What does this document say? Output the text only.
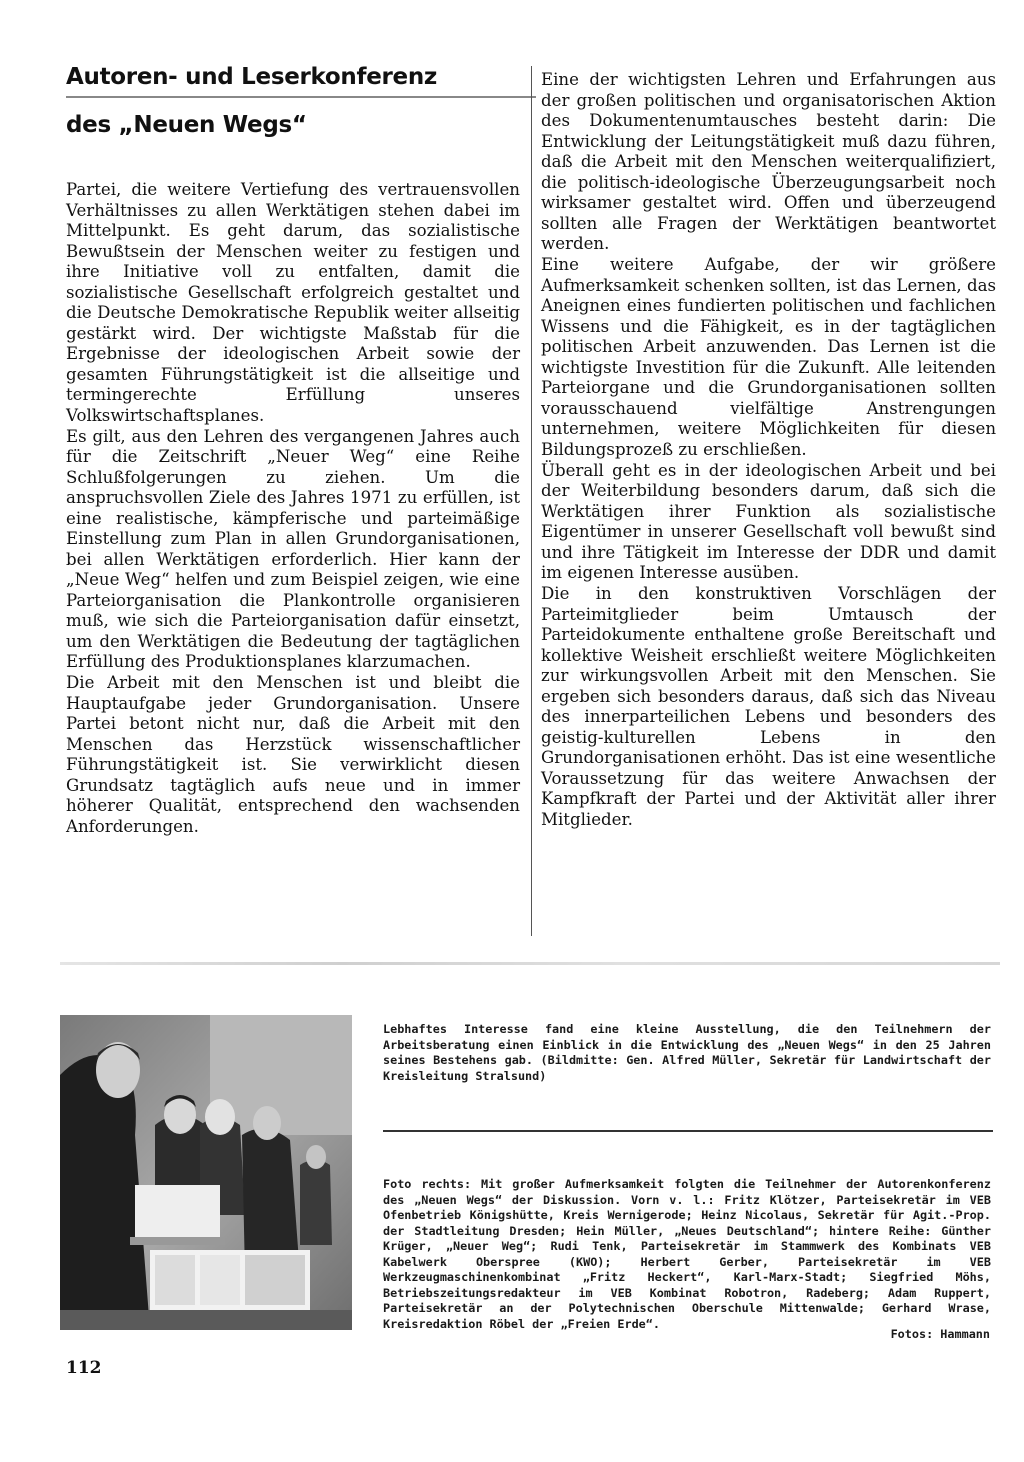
Autoren- und Leserkonferenz
des „Neuen Wegs“

Partei, die weitere Vertiefung des vertrauensvollen Verhältnisses zu allen Werktätigen stehen dabei im Mittelpunkt. Es geht darum, das sozialistische Bewußtsein der Menschen weiter zu festigen und ihre Initiative voll zu entfalten, damit die sozialistische Gesellschaft erfolgreich gestaltet und die Deutsche Demokratische Republik weiter allseitig gestärkt wird. Der wichtigste Maßstab für die Ergebnisse der ideologischen Arbeit sowie der gesamten Führungstätigkeit ist die allseitige und termingerechte Erfüllung unseres Volkswirtschaftsplanes.

Es gilt, aus den Lehren des vergangenen Jahres auch für die Zeitschrift „Neuer Weg“ eine Reihe Schlußfolgerungen zu ziehen. Um die anspruchsvollen Ziele des Jahres 1971 zu erfüllen, ist eine realistische, kämpferische und parteimäßige Einstellung zum Plan in allen Grundorganisationen, bei allen Werktätigen erforderlich. Hier kann der „Neue Weg“ helfen und zum Beispiel zeigen, wie eine Parteiorganisation die Plankontrolle organisieren muß, wie sich die Parteiorganisation dafür einsetzt, um den Werktätigen die Bedeutung der tagtäglichen Erfüllung des Produktionsplanes klarzumachen.

Die Arbeit mit den Menschen ist und bleibt die Hauptaufgabe jeder Grundorganisation. Unsere Partei betont nicht nur, daß die Arbeit mit den Menschen das Herzstück wissenschaftlicher Führungstätigkeit ist. Sie verwirklicht diesen Grundsatz tagtäglich aufs neue und in immer höherer Qualität, entsprechend den wachsenden Anforderungen.

Eine der wichtigsten Lehren und Erfahrungen aus der großen politischen und organisatorischen Aktion des Dokumentenumtausches besteht darin: Die Entwicklung der Leitungstätigkeit muß dazu führen, daß die Arbeit mit den Menschen weiterqualifiziert, die politisch-ideologische Überzeugungsarbeit noch wirksamer gestaltet wird. Offen und überzeugend sollten alle Fragen der Werktätigen beantwortet werden.

Eine weitere Aufgabe, der wir größere Aufmerksamkeit schenken sollten, ist das Lernen, das Aneignen eines fundierten politischen und fachlichen Wissens und die Fähigkeit, es in der tagtäglichen politischen Arbeit anzuwenden. Das Lernen ist die wichtigste Investition für die Zukunft. Alle leitenden Parteiorgane und die Grundorganisationen sollten vorausschauend vielfältige Anstrengungen unternehmen, weitere Möglichkeiten für diesen Bildungsprozeß zu erschließen.

Überall geht es in der ideologischen Arbeit und bei der Weiterbildung besonders darum, daß sich die Werktätigen ihrer Funktion als sozialistische Eigentümer in unserer Gesellschaft voll bewußt sind und ihre Tätigkeit im Interesse der DDR und damit im eigenen Interesse ausüben.

Die in den konstruktiven Vorschlägen der Parteimitglieder beim Umtausch der Parteidokumente enthaltene große Bereitschaft und kollektive Weisheit erschließt weitere Möglichkeiten zur wirkungsvollen Arbeit mit den Menschen. Sie ergeben sich besonders daraus, daß sich das Niveau des innerparteilichen Lebens und besonders des geistig-kulturellen Lebens in den Grundorganisationen erhöht. Das ist eine wesentliche Voraussetzung für das weitere Anwachsen der Kampfkraft der Partei und der Aktivität aller ihrer Mitglieder.

Lebhaftes Interesse fand eine kleine Ausstellung, die den Teilnehmern der Arbeitsberatung einen Einblick in die Entwicklung des „Neuen Wegs“ in den 25 Jahren seines Bestehens gab. (Bildmitte: Gen. Alfred Müller, Sekretär für Landwirtschaft der Kreisleitung Stralsund)
Foto rechts: Mit großer Aufmerksamkeit folgten die Teilnehmer der Autorenkonferenz des „Neuen Wegs“ der Diskussion. Vorn v. l.: Fritz Klötzer, Parteisekretär im VEB Ofenbetrieb Königshütte, Kreis Wernigerode; Heinz Nicolaus, Sekretär für Agit.-Prop. der Stadtleitung Dresden; Hein Müller, „Neues Deutschland“; hintere Reihe: Günther Krüger, „Neuer Weg“; Rudi Tenk, Parteisekretär im Stammwerk des Kombinats VEB Kabelwerk Oberspree (KWO); Herbert Gerber, Parteisekretär im VEB Werkzeugmaschinenkombinat „Fritz Heckert“, Karl-Marx-Stadt; Siegfried Möhs, Betriebszeitungsredakteur im VEB Kombinat Robotron, Radeberg; Adam Ruppert, Parteisekretär an der Polytechnischen Oberschule Mittenwalde; Gerhard Wrase, Kreisredaktion Röbel der „Freien Erde“.
Fotos: Hammann
112
